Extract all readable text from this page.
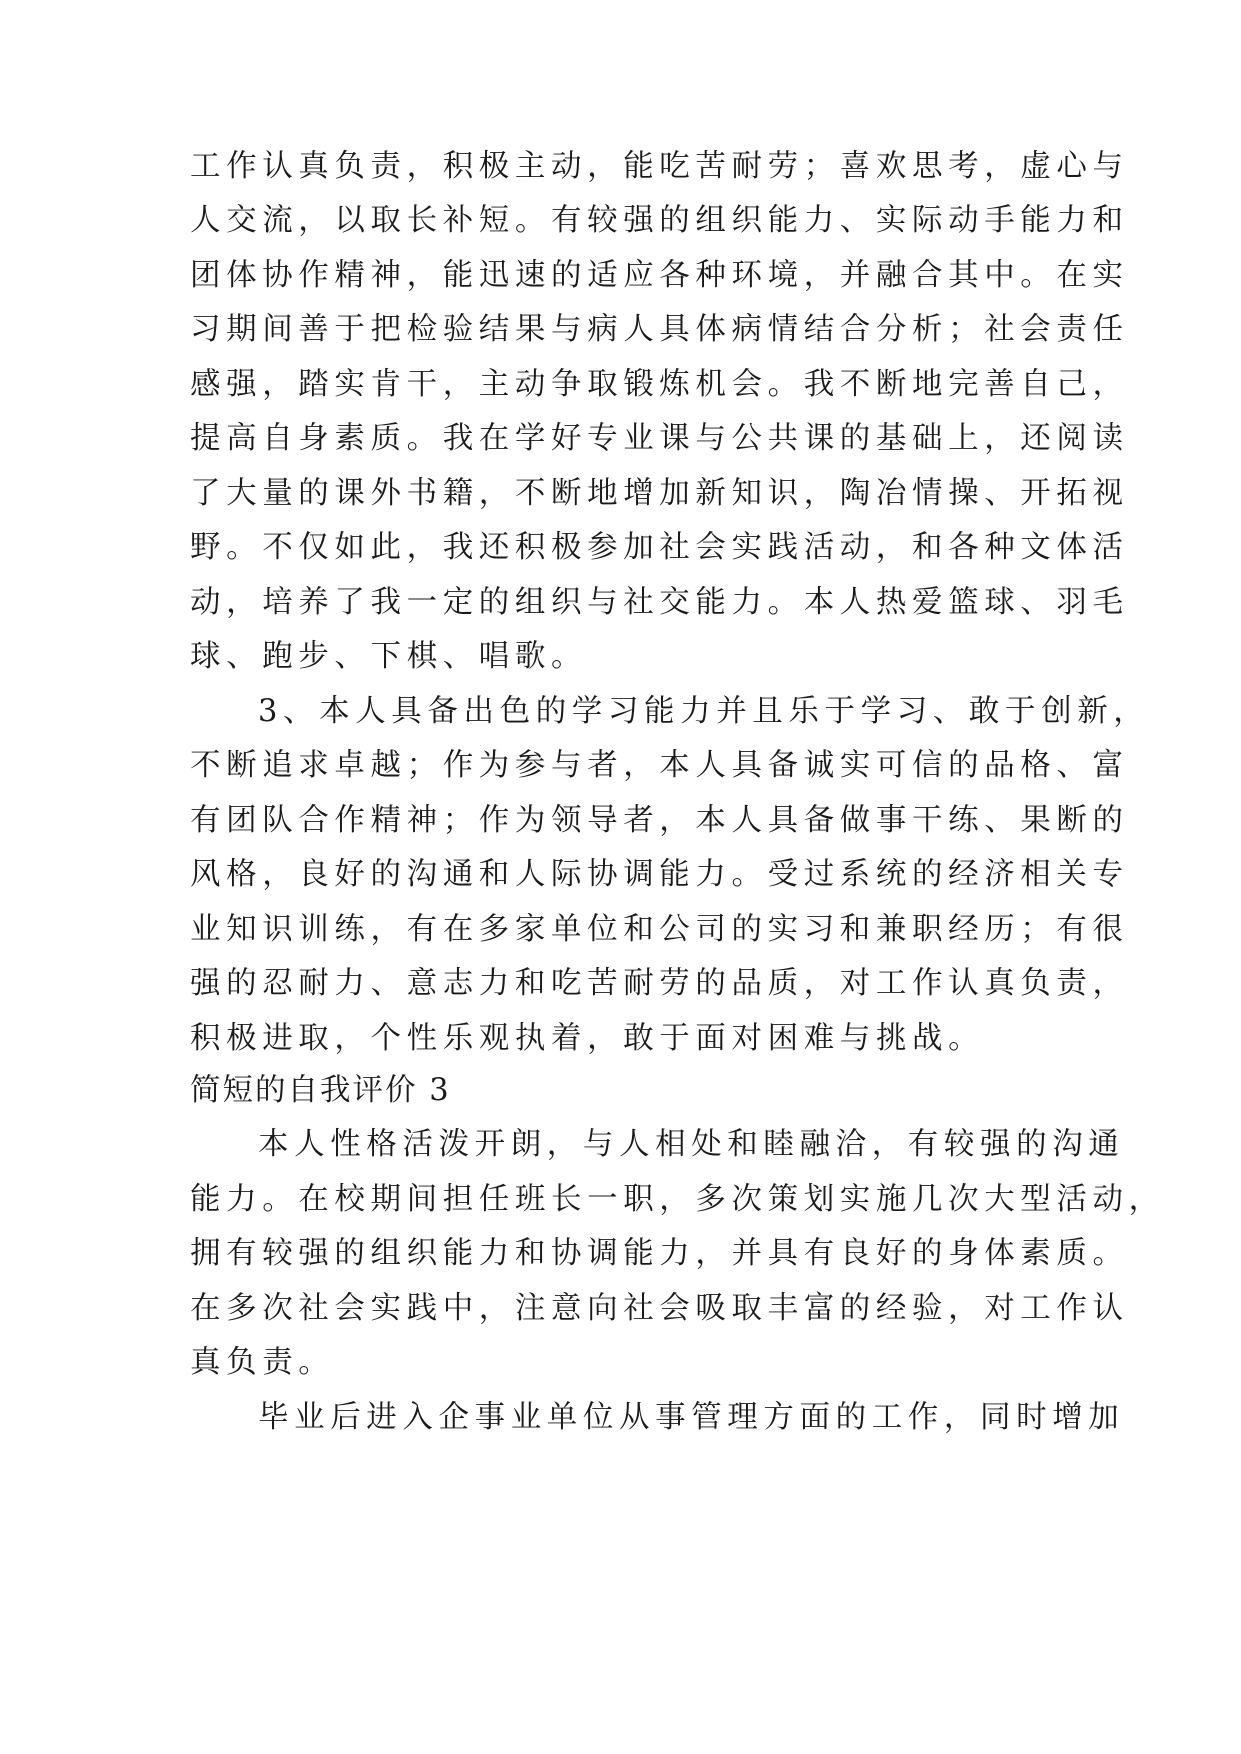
工作认真负责，积极主动，能吃苦耐劳；喜欢思考，虚心与
人交流，以取长补短。有较强的组织能力、实际动手能力和
团体协作精神，能迅速的适应各种环境，并融合其中。在实
习期间善于把检验结果与病人具体病情结合分析；社会责任
感强，踏实肯干，主动争取锻炼机会。我不断地完善自己，
提高自身素质。我在学好专业课与公共课的基础上，还阅读
了大量的课外书籍，不断地增加新知识，陶冶情操、开拓视
野。不仅如此，我还积极参加社会实践活动，和各种文体活
动，培养了我一定的组织与社交能力。本人热爱篮球、羽毛
球、跑步、下棋、唱歌。
3、本人具备出色的学习能力并且乐于学习、敢于创新，
不断追求卓越；作为参与者，本人具备诚实可信的品格、富
有团队合作精神；作为领导者，本人具备做事干练、果断的
风格，良好的沟通和人际协调能力。受过系统的经济相关专
业知识训练，有在多家单位和公司的实习和兼职经历；有很
强的忍耐力、意志力和吃苦耐劳的品质，对工作认真负责，
积极进取，个性乐观执着，敢于面对困难与挑战。
简短的自我评价 3
本人性格活泼开朗，与人相处和睦融洽，有较强的沟通
能力。在校期间担任班长一职，多次策划实施几次大型活动，
拥有较强的组织能力和协调能力，并具有良好的身体素质。
在多次社会实践中，注意向社会吸取丰富的经验，对工作认
真负责。
毕业后进入企事业单位从事管理方面的工作，同时增加
